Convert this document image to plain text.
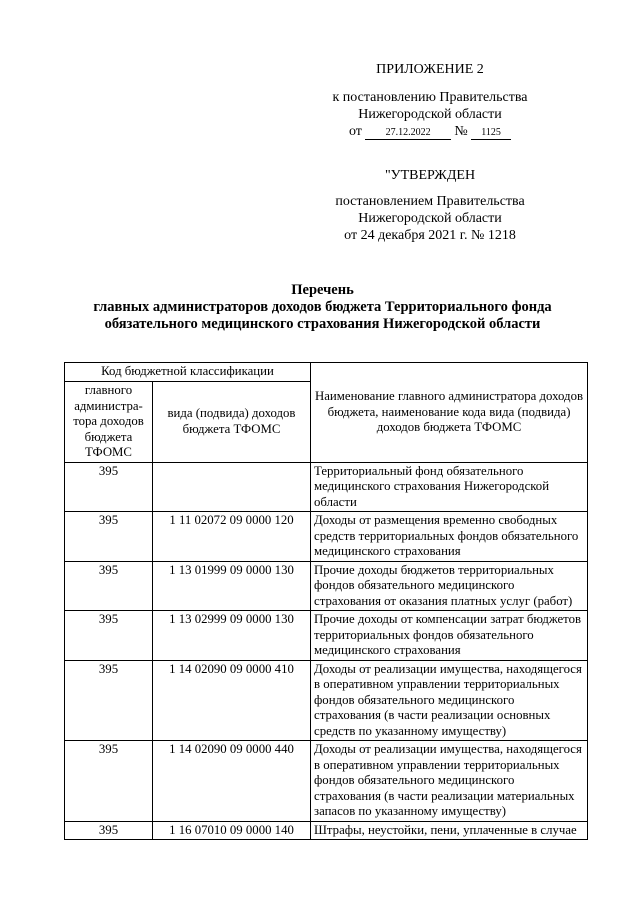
ПРИЛОЖЕНИЕ 2
к постановлению Правительства
Нижегородской области
от 27.12.2022 № 1125
"УТВЕРЖДЕН
постановлением Правительства
Нижегородской области
от 24 декабря 2021 г. № 1218
Перечень
главных администраторов доходов бюджета Территориального фонда
обязательного медицинского страхования Нижегородской области
Код бюджетной классификации		Наименование главного администратора доходов бюджета, наименование кода вида (подвида) доходов бюджета ТФОМС
главного администра-тора доходов бюджета ТФОМС	вида (подвида) доходов бюджета ТФОМС	
395		Территориальный фонд обязательного медицинского страхования Нижегородской области
395	1 11 02072 09 0000 120	Доходы от размещения временно свободных средств территориальных фондов обязательного медицинского страхования
395	1 13 01999 09 0000 130	Прочие доходы бюджетов территориальных фондов обязательного медицинского страхования от оказания платных услуг (работ)
395	1 13 02999 09 0000 130	Прочие доходы от компенсации затрат бюджетов территориальных фондов обязательного медицинского страхования
395	1 14 02090 09 0000 410	Доходы от реализации имущества, находящегося в оперативном управлении территориальных фондов обязательного медицинского страхования (в части реализации основных средств по указанному имуществу)
395	1 14 02090 09 0000 440	Доходы от реализации имущества, находящегося в оперативном управлении территориальных фондов обязательного медицинского страхования (в части реализации материальных запасов по указанному имуществу)
395	1 16 07010 09 0000 140	Штрафы, неустойки, пени, уплаченные в случае
